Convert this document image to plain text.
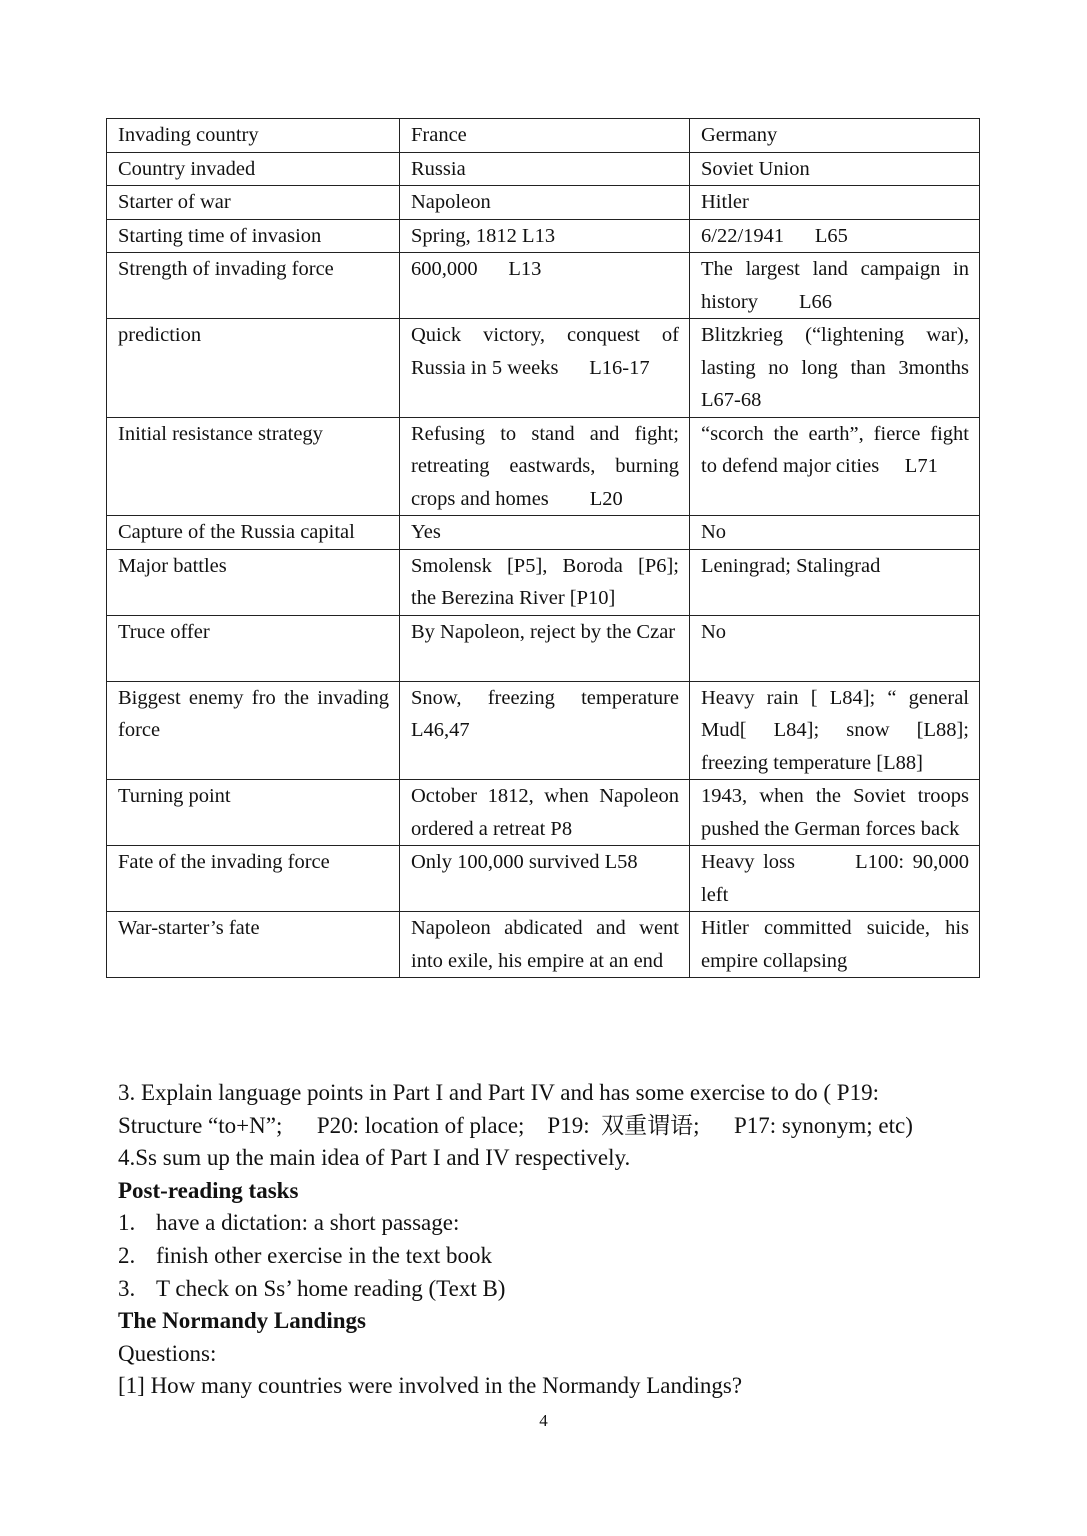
Invading country	France	Germany
Country invaded	Russia	Soviet Union
Starter of war	Napoleon	Hitler
Starting time of invasion	Spring, 1812 L13	6/22/1941      L65
Strength of invading force	600,000      L13	The largest land campaign in history        L66
prediction	Quick victory, conquest of Russia in 5 weeks      L16-17	Blitzkrieg (“lightening war), lasting no long than 3months L67-68
Initial resistance strategy	Refusing to stand and fight; retreating eastwards, burning crops and homes        L20	“scorch the earth”, fierce fight to defend major cities     L71
Capture of the Russia capital	Yes	No
Major battles	Smolensk [P5], Boroda [P6]; the Berezina River [P10]	Leningrad; Stalingrad
Truce offer	By Napoleon, reject by the Czar	No
Biggest enemy fro the invading force	Snow, freezing temperature L46,47	Heavy rain [ L84]; “ general Mud[ L84]; snow [L88]; freezing temperature [L88]
Turning point	October 1812, when Napoleon ordered a retreat P8	1943, when the Soviet troops pushed the German forces back
Fate of the invading force	Only 100,000 survived L58	Heavy loss       L100: 90,000 left
War-starter’s fate	Napoleon abdicated and went into exile, his empire at an end	Hitler committed suicide, his empire collapsing

3. Explain language points in Part I and Part IV and has some exercise to do ( P19:

Structure “to+N”;      P20: location of place;    P19:  双重谓语;      P17: synonym; etc)

4.Ss sum up the main idea of Part I and IV respectively.

Post-reading tasks

1. have a dictation: a short passage:
2. finish other exercise in the text book
3. T check on Ss’ home reading (Text B)

The Normandy Landings

Questions:

[1] How many countries were involved in the Normandy Landings?

4
